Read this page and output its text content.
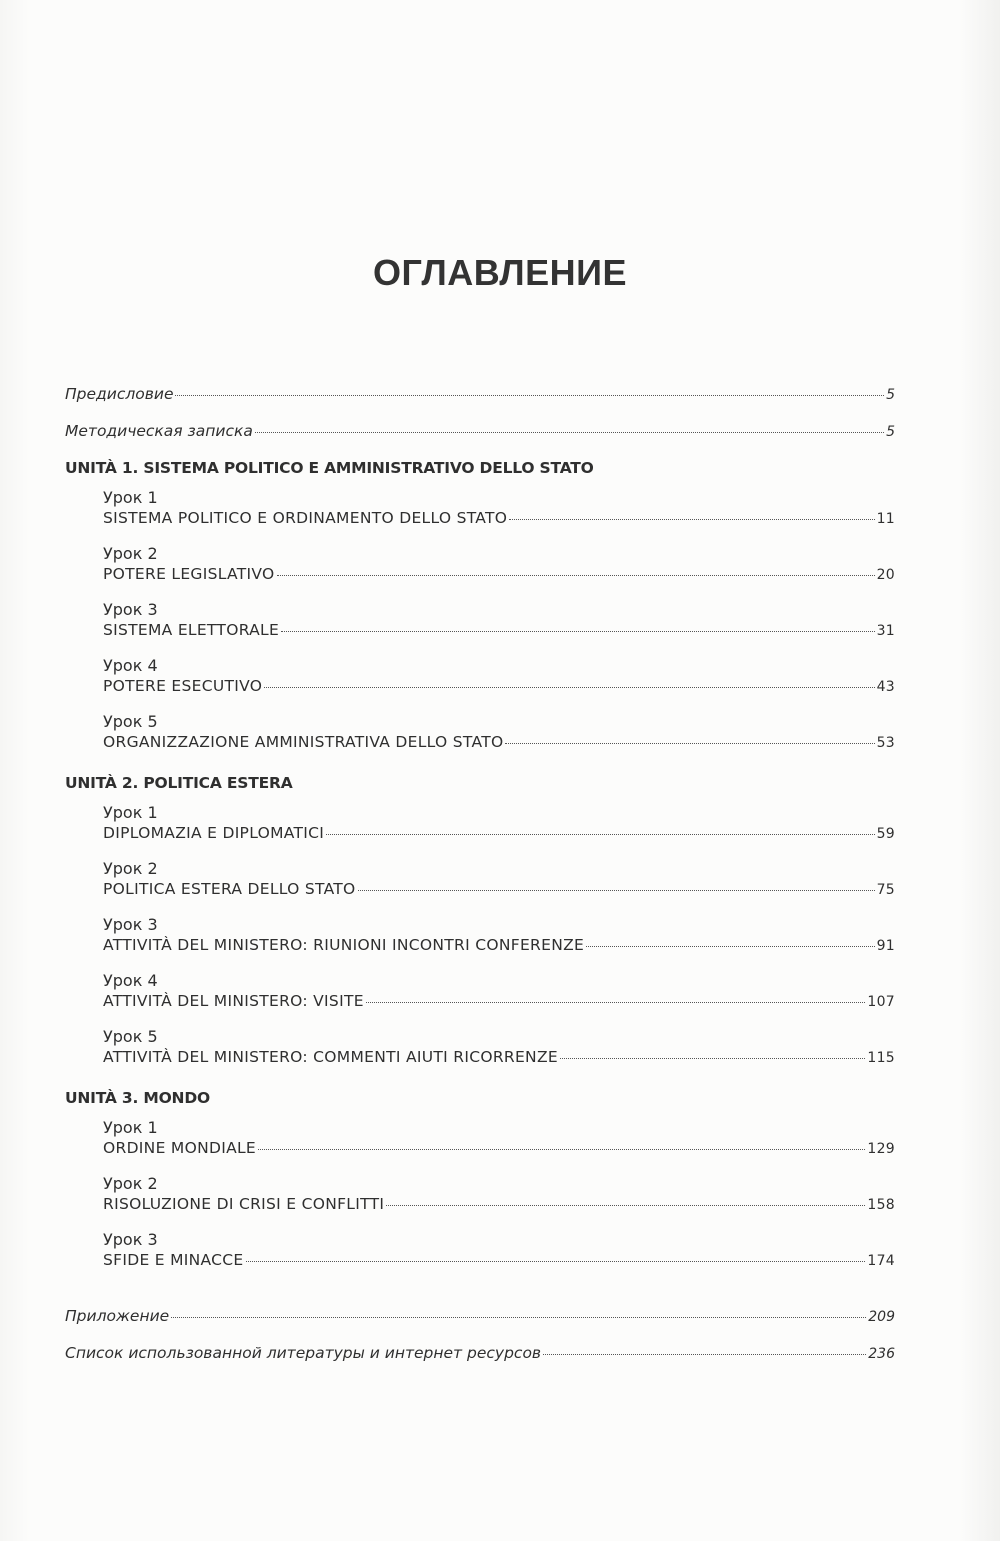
ОГЛАВЛЕНИЕ
Предисловие	5
Методическая записка	5
UNITÀ 1. SISTEMA POLITICO E AMMINISTRATIVO DELLO STATO
Урок 1
SISTEMA POLITICO E ORDINAMENTO DELLO STATO	11
Урок 2
POTERE LEGISLATIVO	20
Урок 3
SISTEMA ELETTORALE	31
Урок 4
POTERE ESECUTIVO	43
Урок 5
ORGANIZZAZIONE AMMINISTRATIVA DELLO STATO	53
UNITÀ 2. POLITICA ESTERA
Урок 1
DIPLOMAZIA E DIPLOMATICI	59
Урок 2
POLITICA ESTERA DELLO STATO	75
Урок 3
ATTIVITÀ DEL MINISTERO: RIUNIONI INCONTRI CONFERENZE	91
Урок 4
ATTIVITÀ DEL MINISTERO: VISITE	107
Урок 5
ATTIVITÀ DEL MINISTERO: COMMENTI AIUTI RICORRENZE	115
UNITÀ 3. MONDO
Урок 1
ORDINE MONDIALE	129
Урок 2
RISOLUZIONE DI CRISI E CONFLITTI	158
Урок 3
SFIDE E MINACCE	174
Приложение	209
Список использованной литературы и интернет ресурсов	236
